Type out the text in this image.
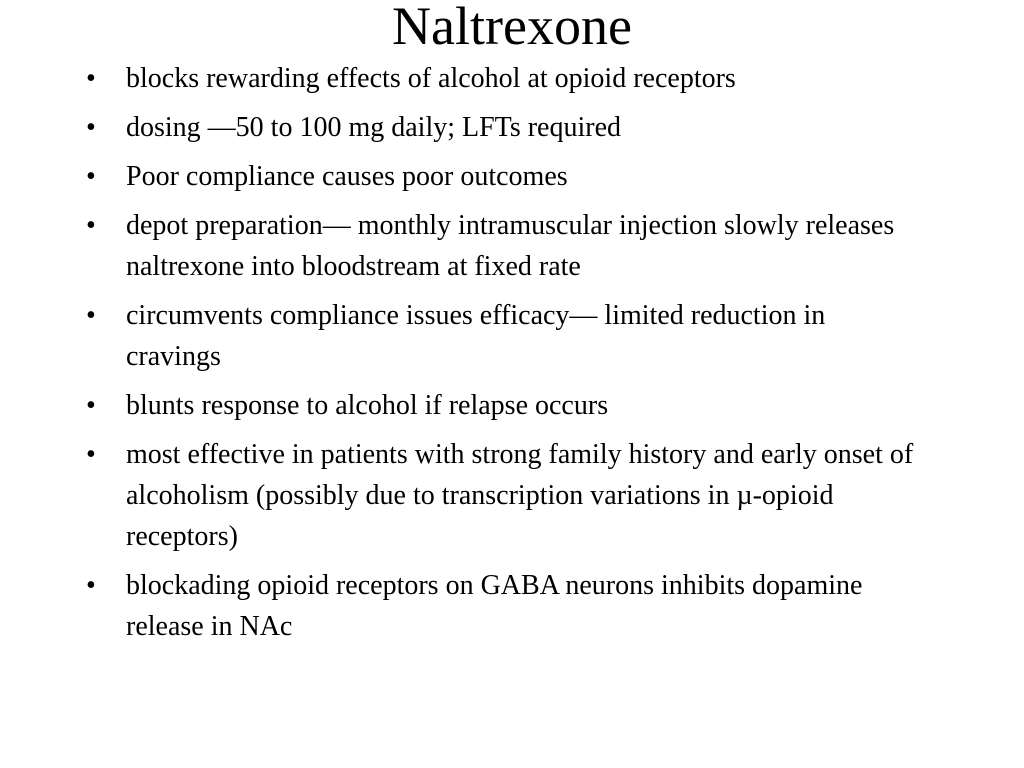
Naltrexone
• blocks rewarding effects of alcohol at opioid receptors
• dosing —50 to 100 mg daily; LFTs required
• Poor compliance causes poor outcomes
• depot preparation— monthly intramuscular injection slowly releases naltrexone into bloodstream at fixed rate
• circumvents compliance issues efficacy— limited reduction in cravings
• blunts response to alcohol if relapse occurs
• most effective in patients with strong family history and early onset of alcoholism (possibly due to transcription variations in µ-opioid receptors)
• blockading opioid receptors on GABA neurons inhibits dopamine release in NAc
